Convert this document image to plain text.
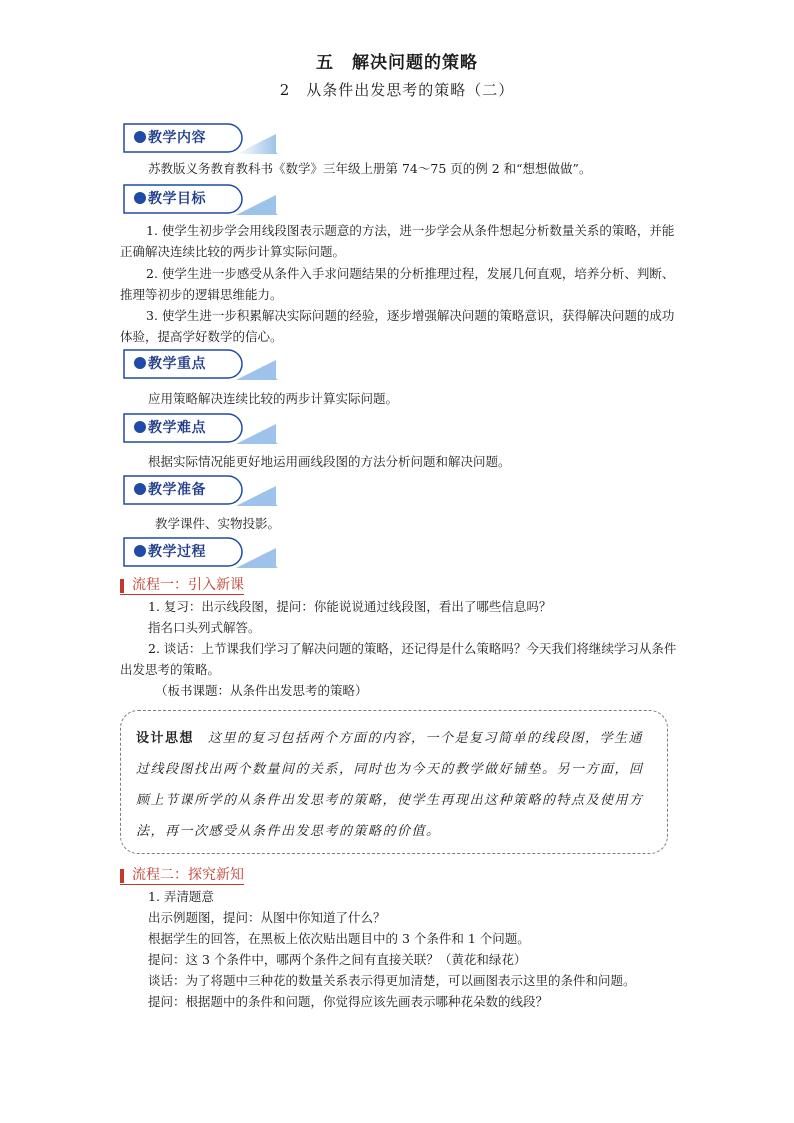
五　解决问题的策略
2　从条件出发思考的策略（二）
教学内容
苏教版义务教育教科书《数学》三年级上册第 74～75 页的例 2 和“想想做做”。
教学目标
1. 使学生初步学会用线段图表示题意的方法，进一步学会从条件想起分析数量关系的策略，并能正确解决连续比较的两步计算实际问题。
2. 使学生进一步感受从条件入手求问题结果的分析推理过程，发展几何直观，培养分析、判断、推理等初步的逻辑思维能力。
3. 使学生进一步积累解决实际问题的经验，逐步增强解决问题的策略意识，获得解决问题的成功体验，提高学好数学的信心。
教学重点
应用策略解决连续比较的两步计算实际问题。
教学难点
根据实际情况能更好地运用画线段图的方法分析问题和解决问题。
教学准备
教学课件、实物投影。
教学过程
流程一：引入新课
1. 复习：出示线段图，提问：你能说说通过线段图，看出了哪些信息吗？
指名口头列式解答。
2. 谈话：上节课我们学习了解决问题的策略，还记得是什么策略吗？今天我们将继续学习从条件出发思考的策略。
（板书课题：从条件出发思考的策略）
设计思想 这里的复习包括两个方面的内容，一个是复习简单的线段图，学生通过线段图找出两个数量间的关系，同时也为今天的教学做好铺垫。另一方面，回顾上节课所学的从条件出发思考的策略，使学生再现出这种策略的特点及使用方法，再一次感受从条件出发思考的策略的价值。
流程二：探究新知
1. 弄清题意
出示例题图，提问：从图中你知道了什么？
根据学生的回答，在黑板上依次贴出题目中的 3 个条件和 1 个问题。
提问：这 3 个条件中，哪两个条件之间有直接关联？（黄花和绿花）
谈话：为了将题中三种花的数量关系表示得更加清楚，可以画图表示这里的条件和问题。
提问：根据题中的条件和问题，你觉得应该先画表示哪种花朵数的线段？
